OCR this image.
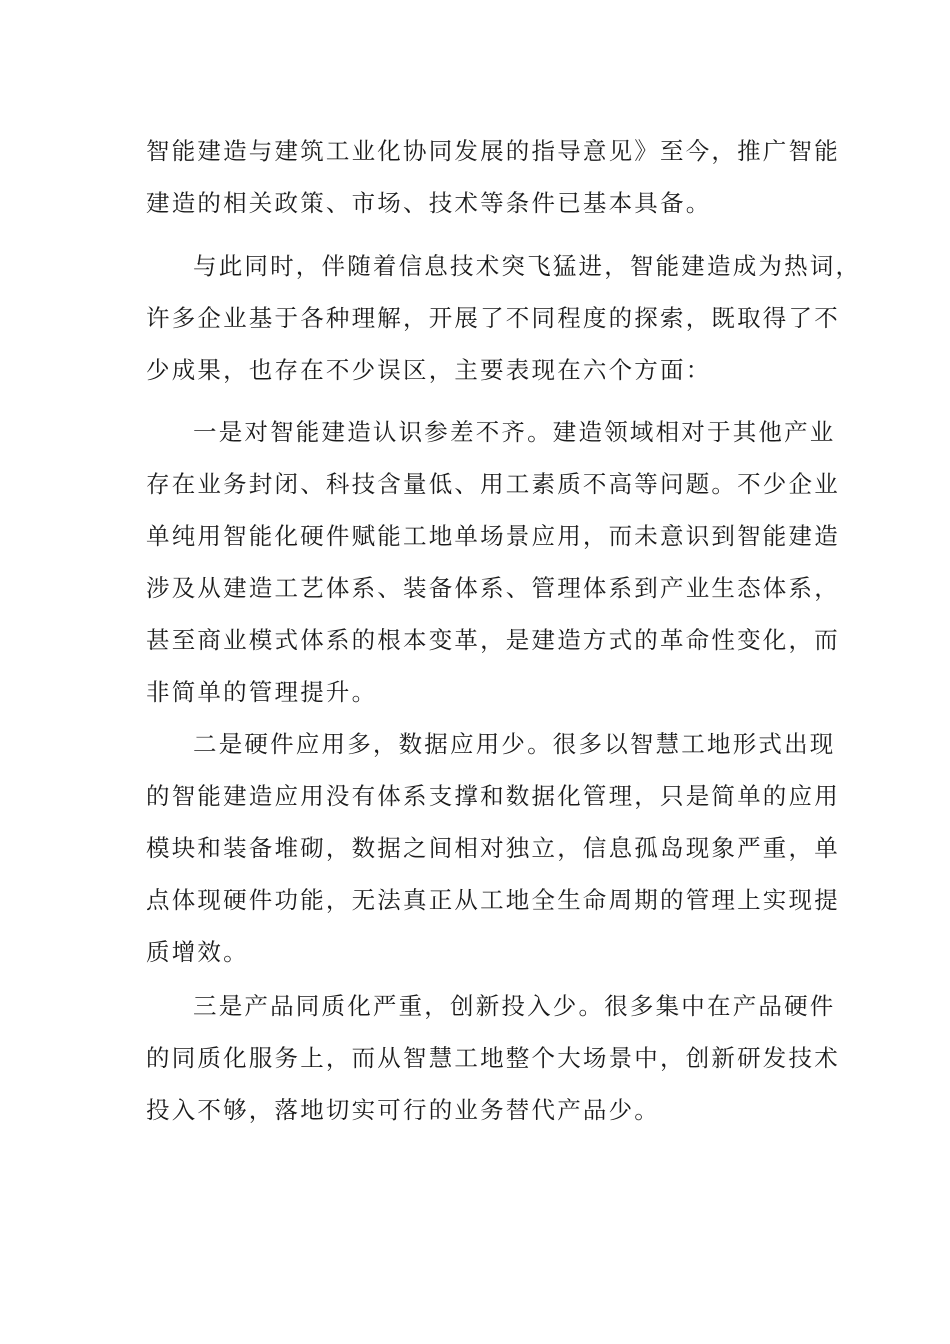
智能建造与建筑工业化协同发展的指导意见》至今，推广智能
建造的相关政策、市场、技术等条件已基本具备。
与此同时，伴随着信息技术突飞猛进，智能建造成为热词，
许多企业基于各种理解，开展了不同程度的探索，既取得了不
少成果，也存在不少误区，主要表现在六个方面：
一是对智能建造认识参差不齐。建造领域相对于其他产业
存在业务封闭、科技含量低、用工素质不高等问题。不少企业
单纯用智能化硬件赋能工地单场景应用，而未意识到智能建造
涉及从建造工艺体系、装备体系、管理体系到产业生态体系，
甚至商业模式体系的根本变革，是建造方式的革命性变化，而
非简单的管理提升。
二是硬件应用多，数据应用少。很多以智慧工地形式出现
的智能建造应用没有体系支撑和数据化管理，只是简单的应用
模块和装备堆砌，数据之间相对独立，信息孤岛现象严重，单
点体现硬件功能，无法真正从工地全生命周期的管理上实现提
质增效。
三是产品同质化严重，创新投入少。很多集中在产品硬件
的同质化服务上，而从智慧工地整个大场景中，创新研发技术
投入不够，落地切实可行的业务替代产品少。
